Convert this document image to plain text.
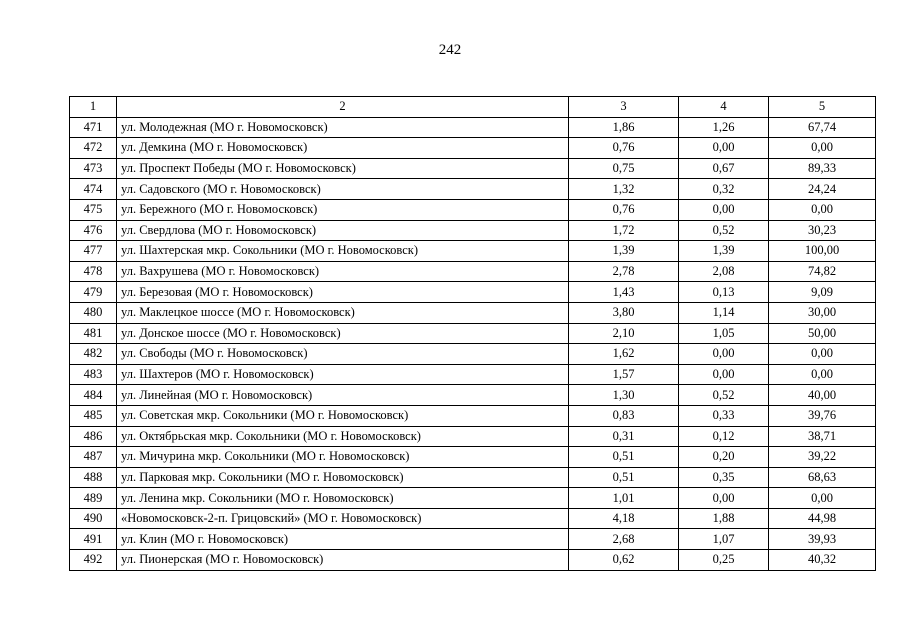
242
1	2	3	4	5
471	ул. Молодежная (МО г. Новомосковск)	1,86	1,26	67,74
472	ул. Демкина (МО г. Новомосковск)	0,76	0,00	0,00
473	ул. Проспект Победы (МО г. Новомосковск)	0,75	0,67	89,33
474	ул. Садовского (МО г. Новомосковск)	1,32	0,32	24,24
475	ул. Бережного (МО г. Новомосковск)	0,76	0,00	0,00
476	ул. Свердлова (МО г. Новомосковск)	1,72	0,52	30,23
477	ул. Шахтерская мкр. Сокольники (МО г. Новомосковск)	1,39	1,39	100,00
478	ул. Вахрушева (МО г. Новомосковск)	2,78	2,08	74,82
479	ул. Березовая (МО г. Новомосковск)	1,43	0,13	9,09
480	ул. Маклецкое шоссе (МО г. Новомосковск)	3,80	1,14	30,00
481	ул. Донское шоссе (МО г. Новомосковск)	2,10	1,05	50,00
482	ул. Свободы (МО г. Новомосковск)	1,62	0,00	0,00
483	ул. Шахтеров (МО г. Новомосковск)	1,57	0,00	0,00
484	ул. Линейная (МО г. Новомосковск)	1,30	0,52	40,00
485	ул. Советская мкр. Сокольники (МО г. Новомосковск)	0,83	0,33	39,76
486	ул. Октябрьская мкр. Сокольники (МО г. Новомосковск)	0,31	0,12	38,71
487	ул. Мичурина мкр. Сокольники (МО г. Новомосковск)	0,51	0,20	39,22
488	ул. Парковая мкр. Сокольники (МО г. Новомосковск)	0,51	0,35	68,63
489	ул. Ленина мкр. Сокольники (МО г. Новомосковск)	1,01	0,00	0,00
490	«Новомосковск-2-п. Грицовский» (МО г. Новомосковск)	4,18	1,88	44,98
491	ул. Клин (МО г. Новомосковск)	2,68	1,07	39,93
492	ул. Пионерская (МО г. Новомосковск)	0,62	0,25	40,32
